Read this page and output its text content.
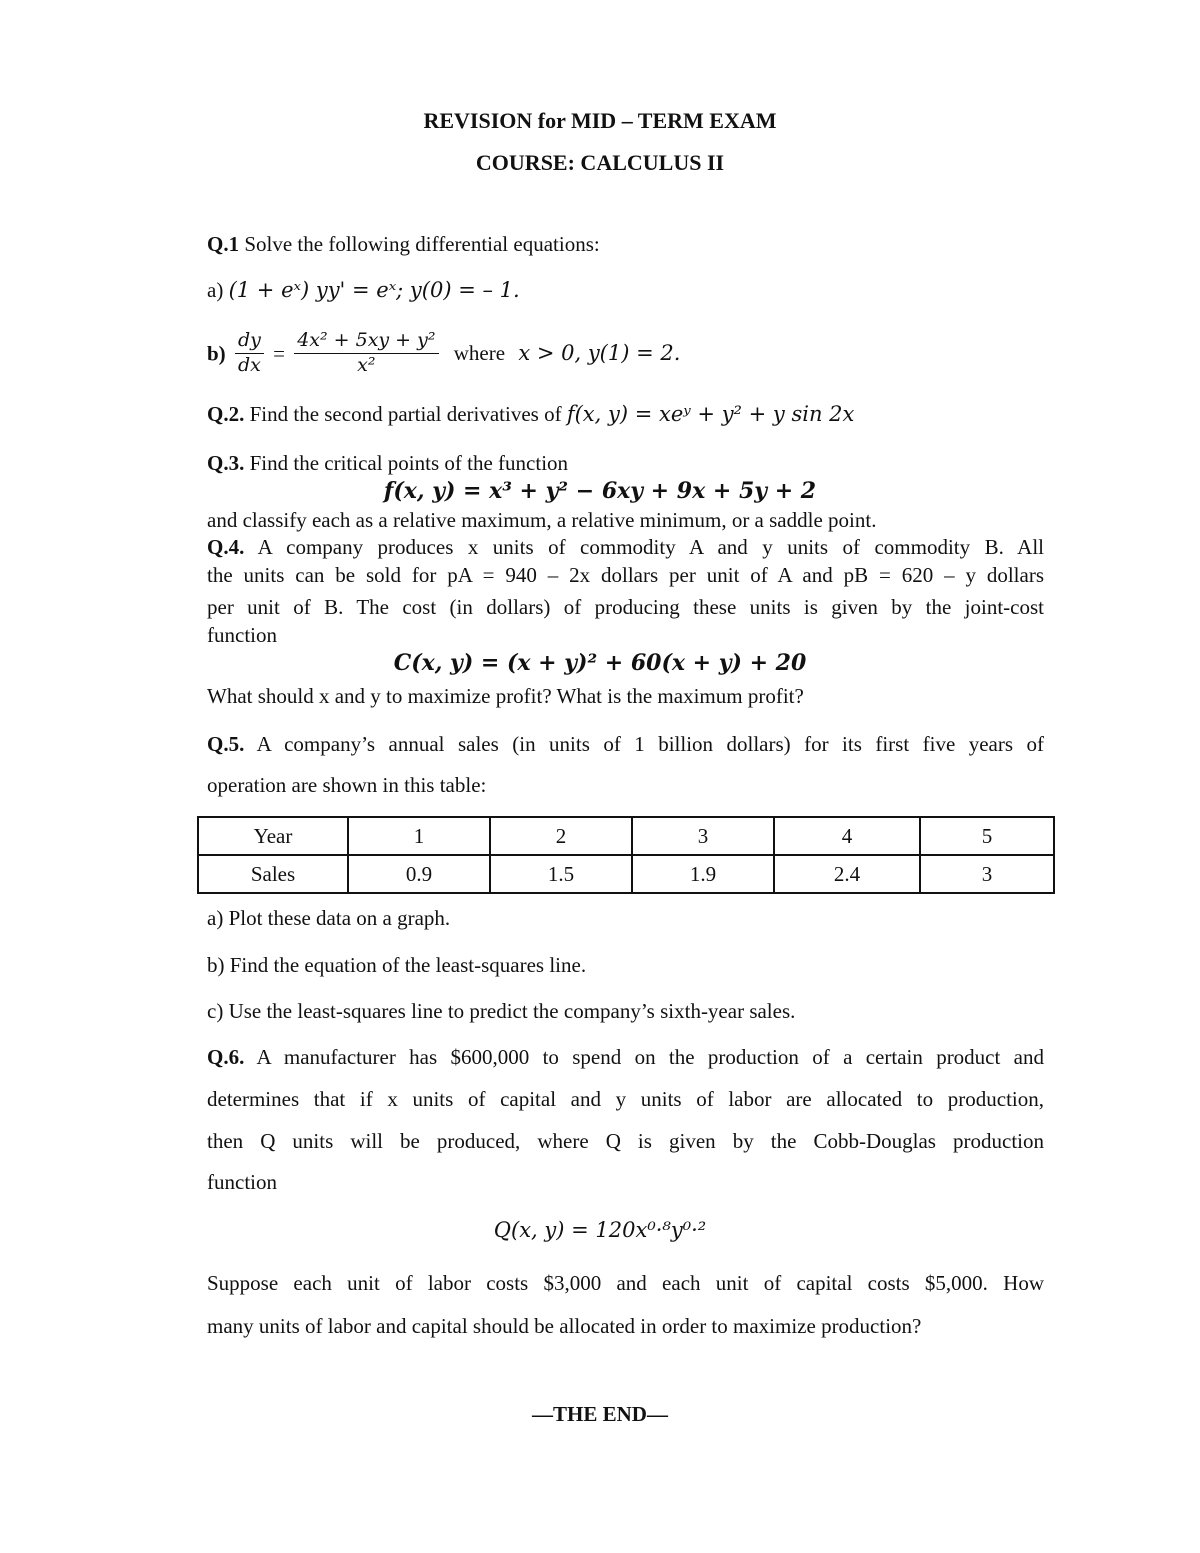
REVISION for MID – TERM EXAM
COURSE: CALCULUS II
Q.1 Solve the following differential equations:
a) (1 + eˣ) yy' = eˣ; y(0) = – 1.
$b) \frac{dy}{dx} = \frac{\text{4x² + 5xy + y²}}{\text{x²}}$ where x > 0, y(1) = 2.
Q.2. Find the second partial derivatives of f(x, y) = xeʸ + y² + y sin 2x
Q.3. Find the critical points of the function
f(x, y) = x³ + y² − 6xy + 9x + 5y + 2
and classify each as a relative maximum, a relative minimum, or a saddle point.
Q.4. A company produces x units of commodity A and y units of commodity B. All
the units can be sold for pA = 940 – 2x dollars per unit of A and pB = 620 – y dollars
per unit of B. The cost (in dollars) of producing these units is given by the joint-cost
function
C(x, y) = (x + y)² + 60(x + y) + 20
What should x and y to maximize profit? What is the maximum profit?
Q.5. A company’s annual sales (in units of 1 billion dollars) for its first five years of
operation are shown in this table:
Year	1	2	3	4	5
Sales	0.9	1.5	1.9	2.4	3
a) Plot these data on a graph.
b) Find the equation of the least-squares line.
c) Use the least-squares line to predict the company’s sixth-year sales.
Q.6. A manufacturer has $600,000 to spend on the production of a certain product and
determines that if x units of capital and y units of labor are allocated to production,
then Q units will be produced, where Q is given by the Cobb-Douglas production
function
Q(x, y) = 120x⁰·⁸y⁰·²
Suppose each unit of labor costs $3,000 and each unit of capital costs $5,000. How
many units of labor and capital should be allocated in order to maximize production?
––THE END––
